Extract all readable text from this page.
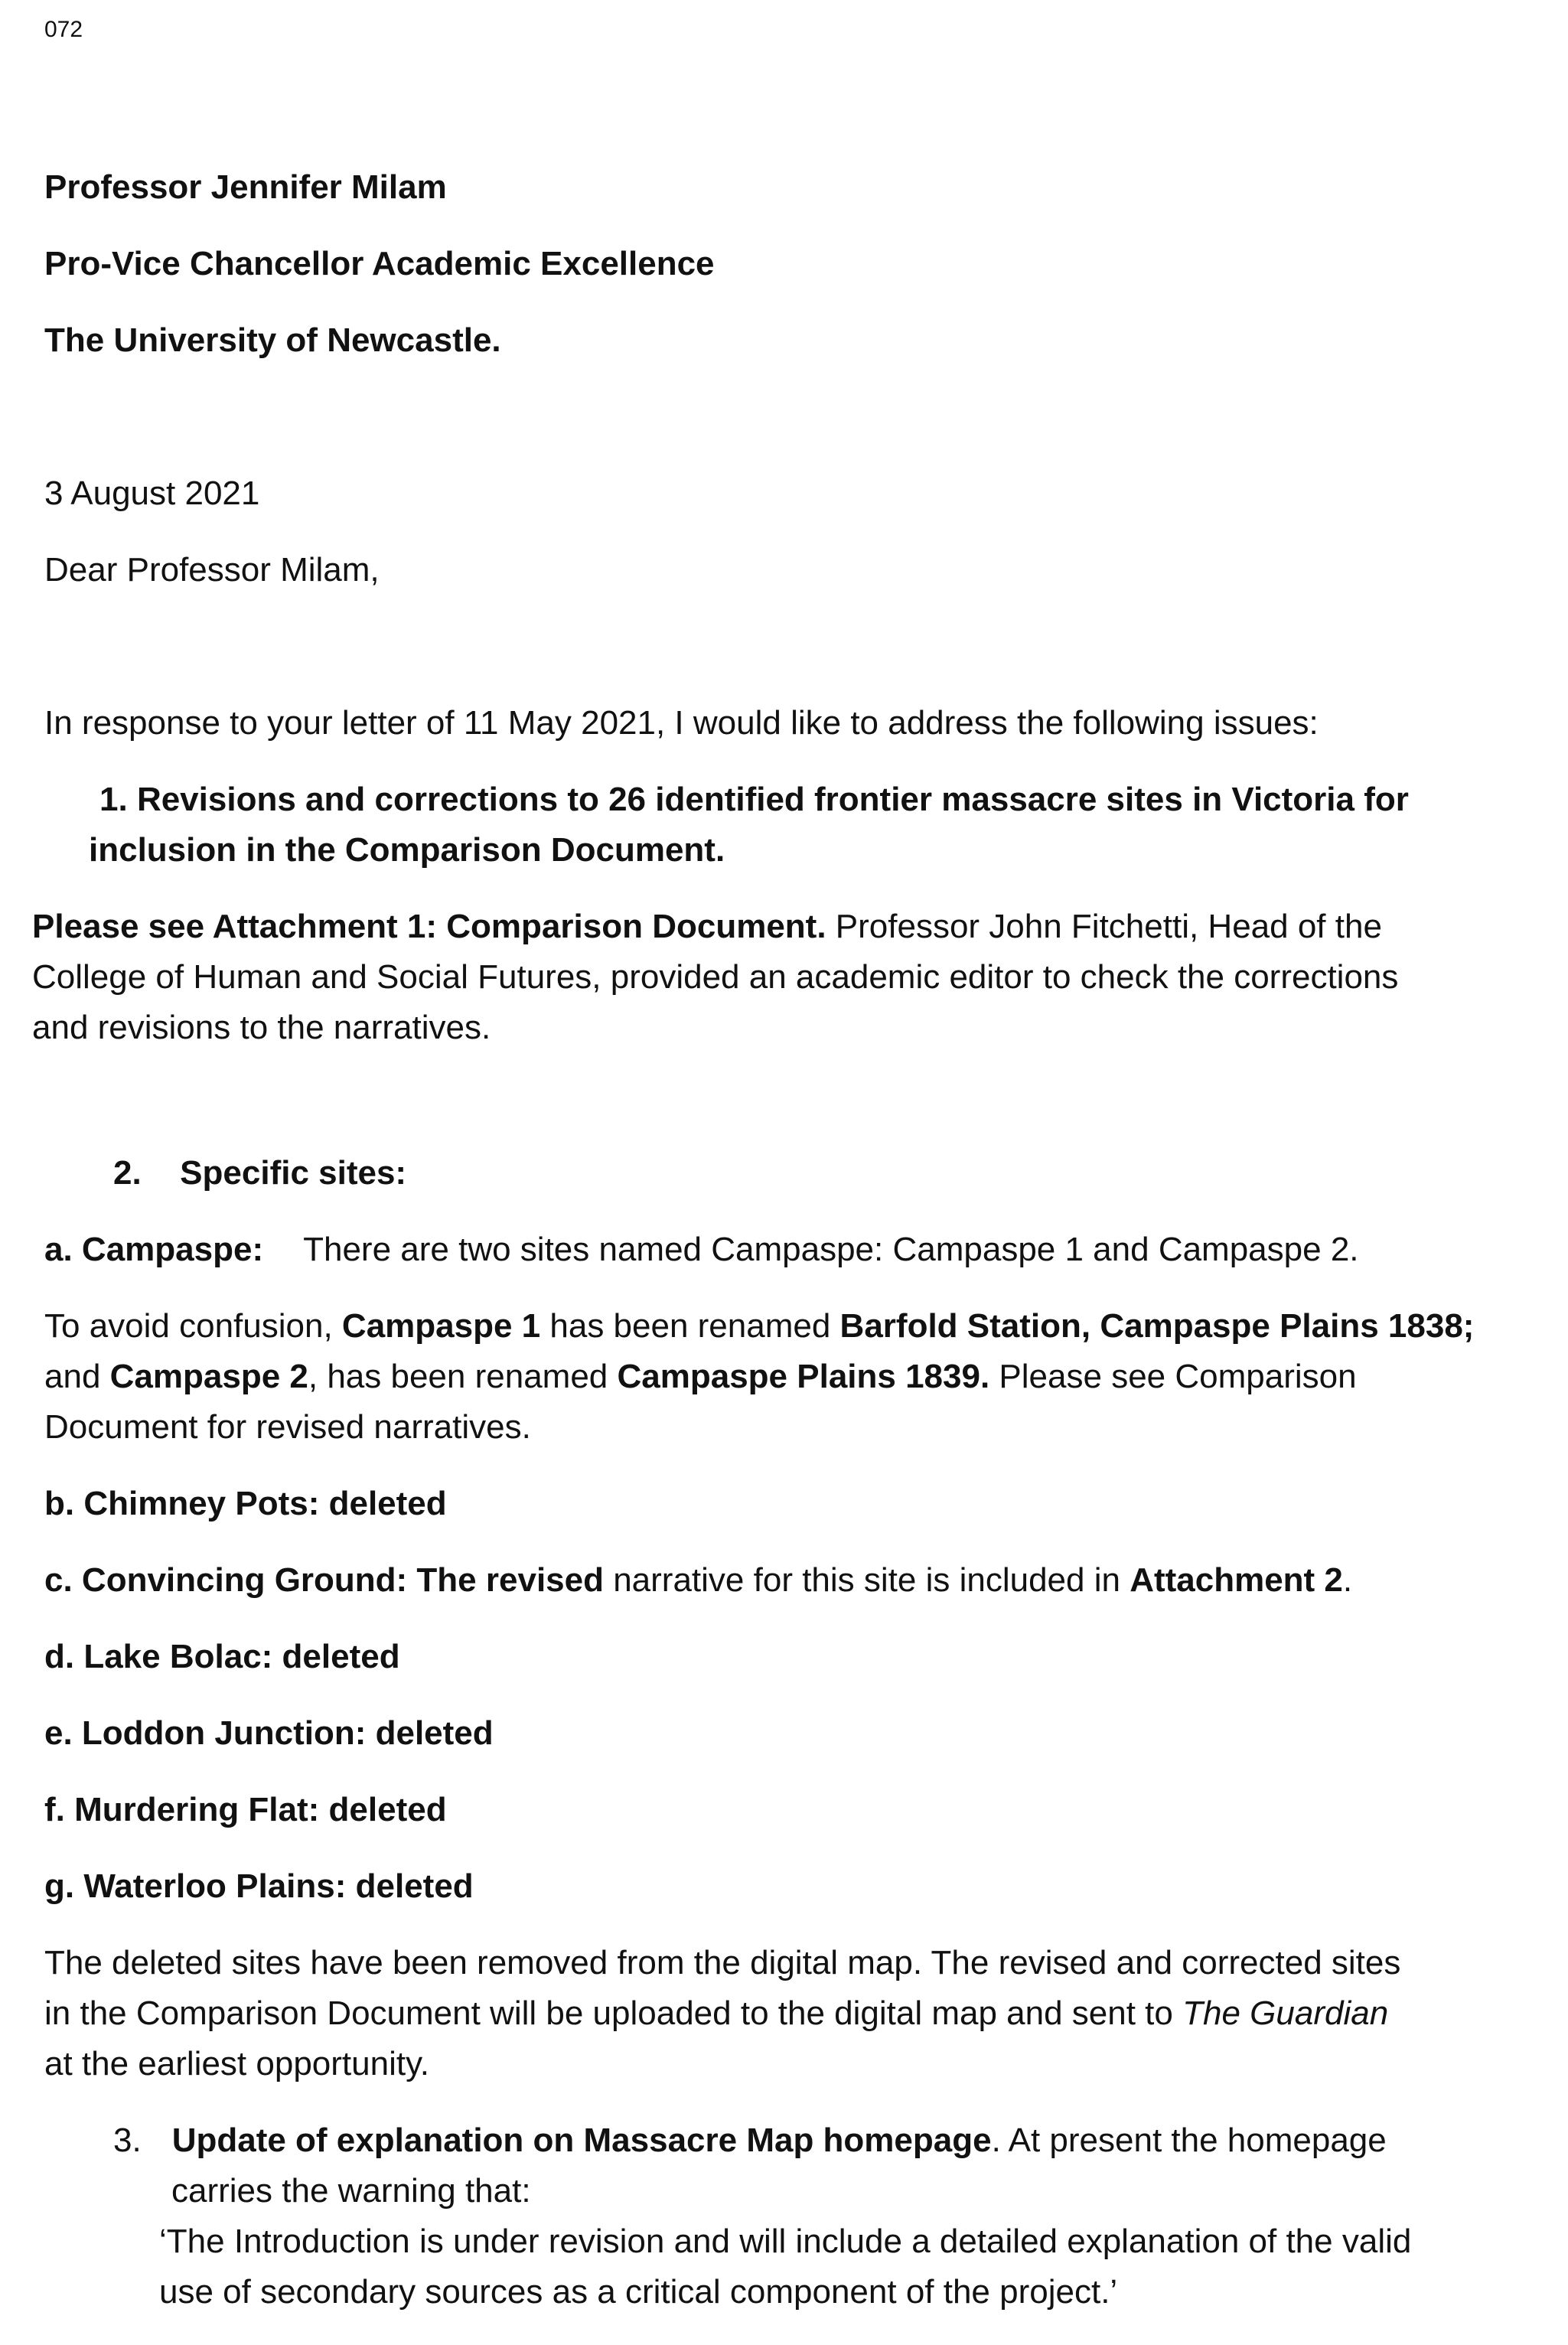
072
Professor Jennifer Milam
Pro-Vice Chancellor Academic Excellence
The University of Newcastle.
3 August 2021
Dear Professor Milam,
In response to your letter of 11 May 2021, I would like to address the following issues:
1. Revisions and corrections to 26 identified frontier massacre sites in Victoria for
inclusion in the Comparison Document.
Please see Attachment 1: Comparison Document. Professor John Fitchetti, Head of the
College of Human and Social Futures, provided an academic editor to check the corrections
and revisions to the narratives.
2. Specific sites:
a. Campaspe: There are two sites named Campaspe: Campaspe 1 and Campaspe 2.
To avoid confusion, Campaspe 1 has been renamed Barfold Station, Campaspe Plains 1838;
and Campaspe 2, has been renamed Campaspe Plains 1839. Please see Comparison
Document for revised narratives.
b. Chimney Pots: deleted
c. Convincing Ground: The revised narrative for this site is included in Attachment 2.
d. Lake Bolac: deleted
e. Loddon Junction: deleted
f. Murdering Flat: deleted
g. Waterloo Plains: deleted
The deleted sites have been removed from the digital map. The revised and corrected sites
in the Comparison Document will be uploaded to the digital map and sent to The Guardian
at the earliest opportunity.
3. Update of explanation on Massacre Map homepage. At present the homepage
carries the warning that:
‘The Introduction is under revision and will include a detailed explanation of the valid
use of secondary sources as a critical component of the project.’
